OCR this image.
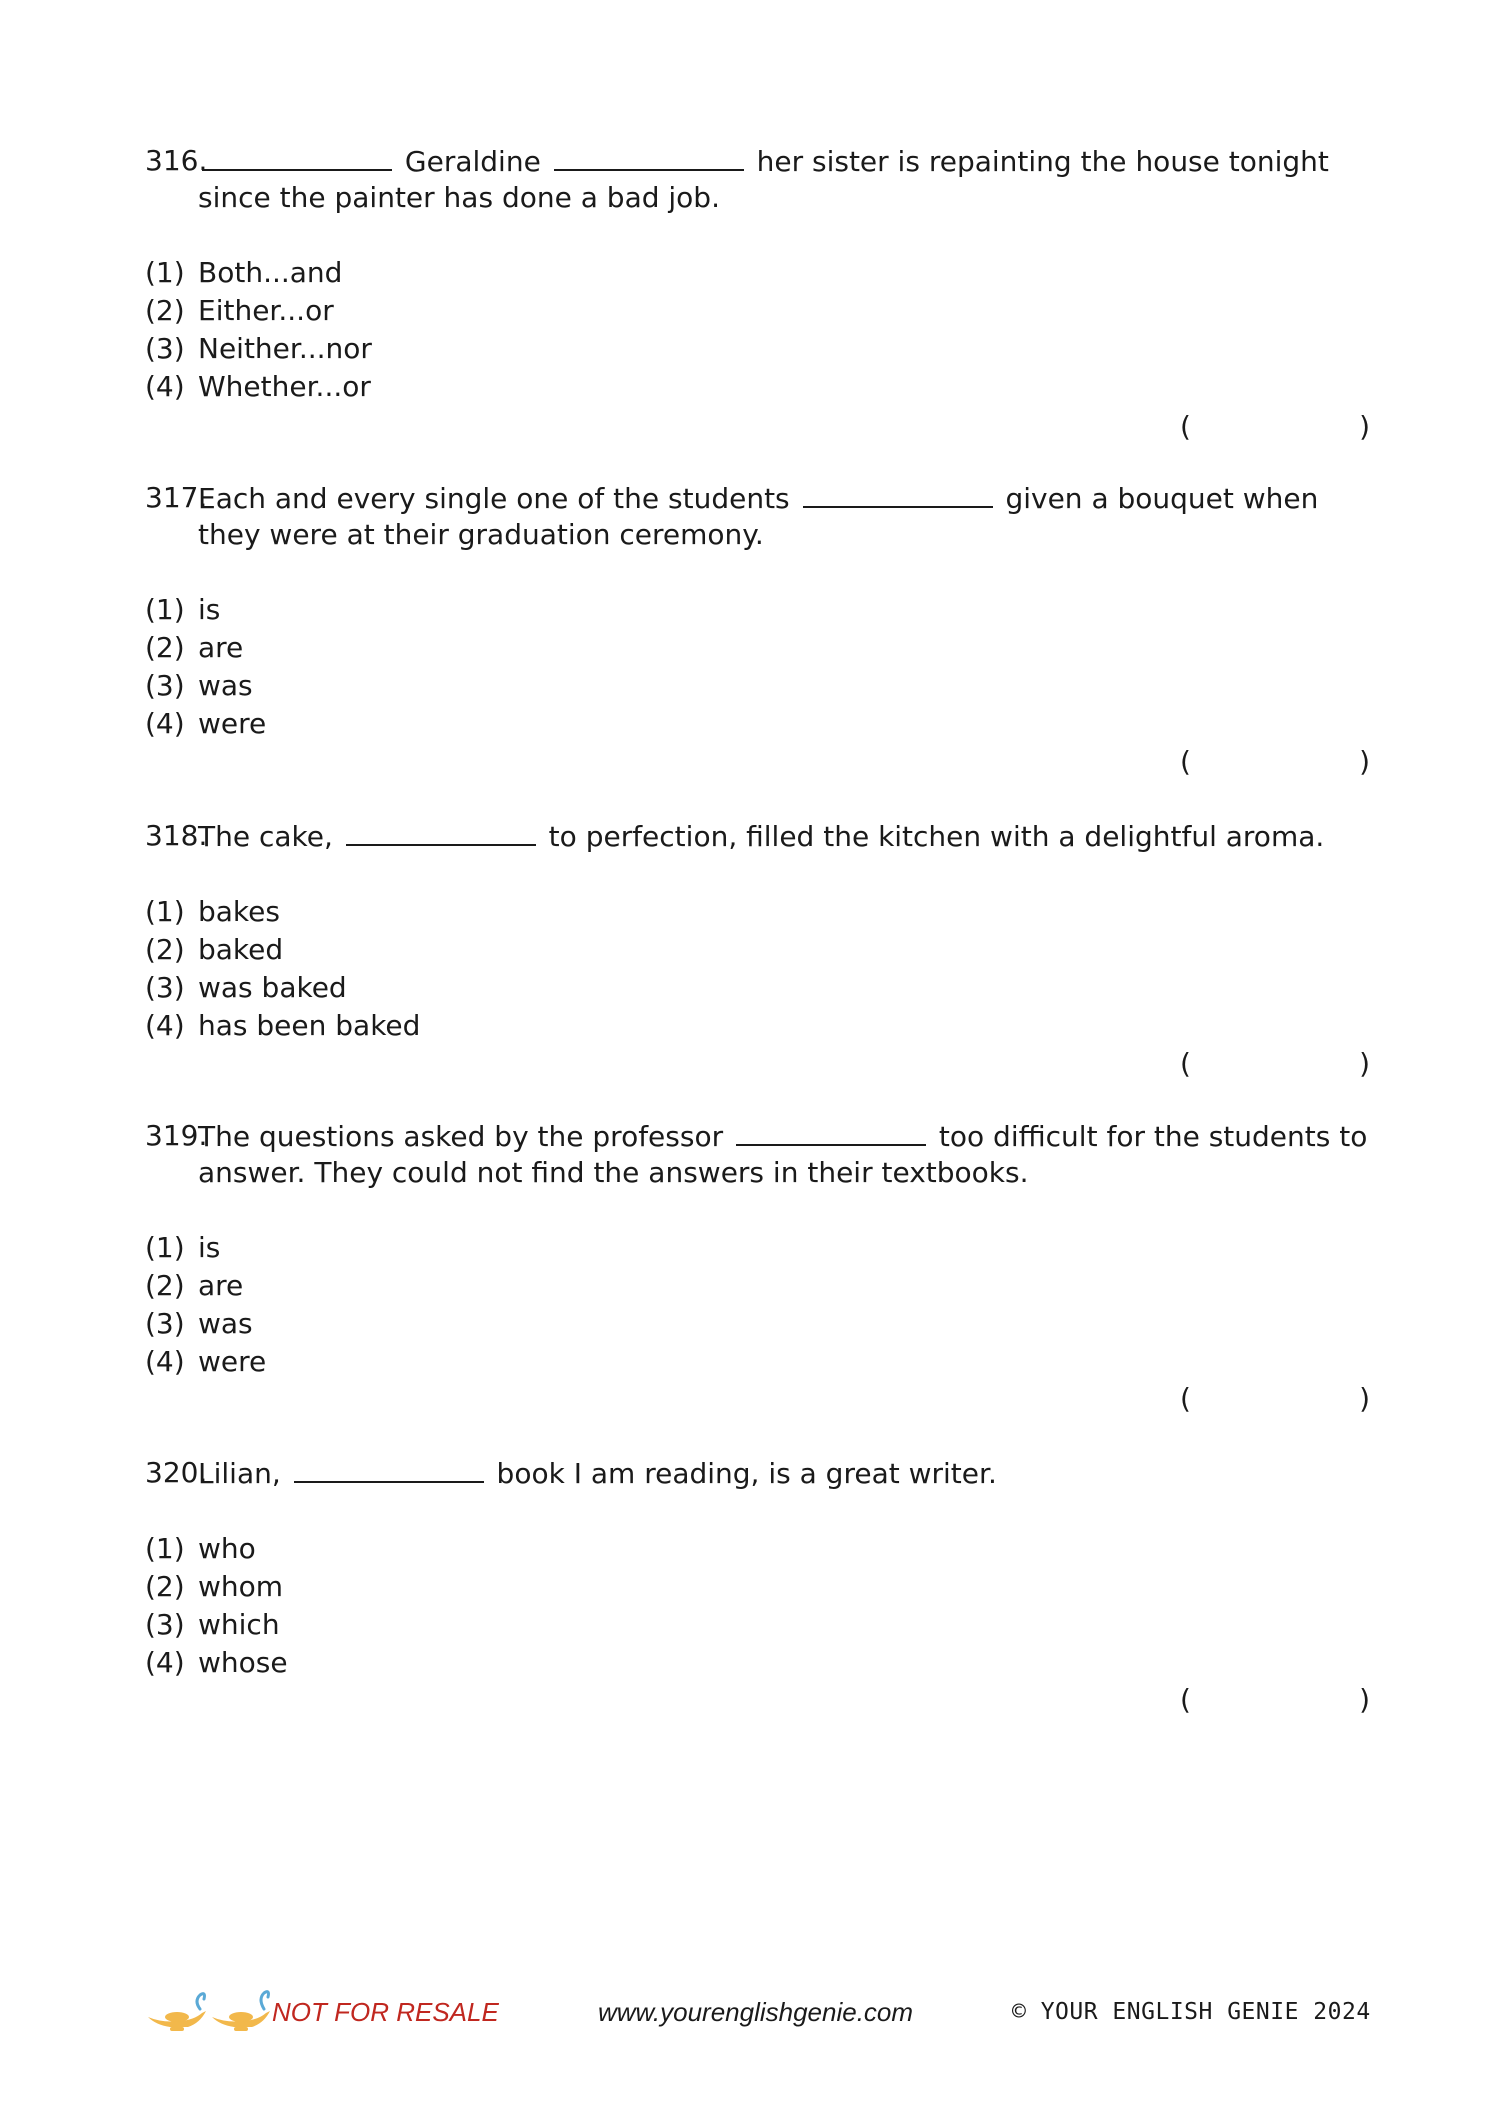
316.	Geraldine	her sister is repainting the house tonight since the painter has done a bad job.
(1) Both...and
(2) Either...or
(3) Neither...nor
(4) Whether...or
(	)
317.
Each and every single one of the students	given a bouquet when they were at their graduation ceremony.
(1) is
(2) are
(3) was
(4) were
(	)
318.
The cake,	to perfection, filled the kitchen with a delightful aroma.
(1) bakes
(2) baked
(3) was baked
(4) has been baked
(	)
319.
The questions asked by the professor	too difficult for the students to answer. They could not find the answers in their textbooks.
(1) is
(2) are
(3) was
(4) were
(	)
320.
Lilian,	book I am reading, is a great writer.
(1) who
(2) whom
(3) which
(4) whose
(	)
NOT FOR RESALE	www.yourenglishgenie.com	© YOUR ENGLISH GENIE 2024
